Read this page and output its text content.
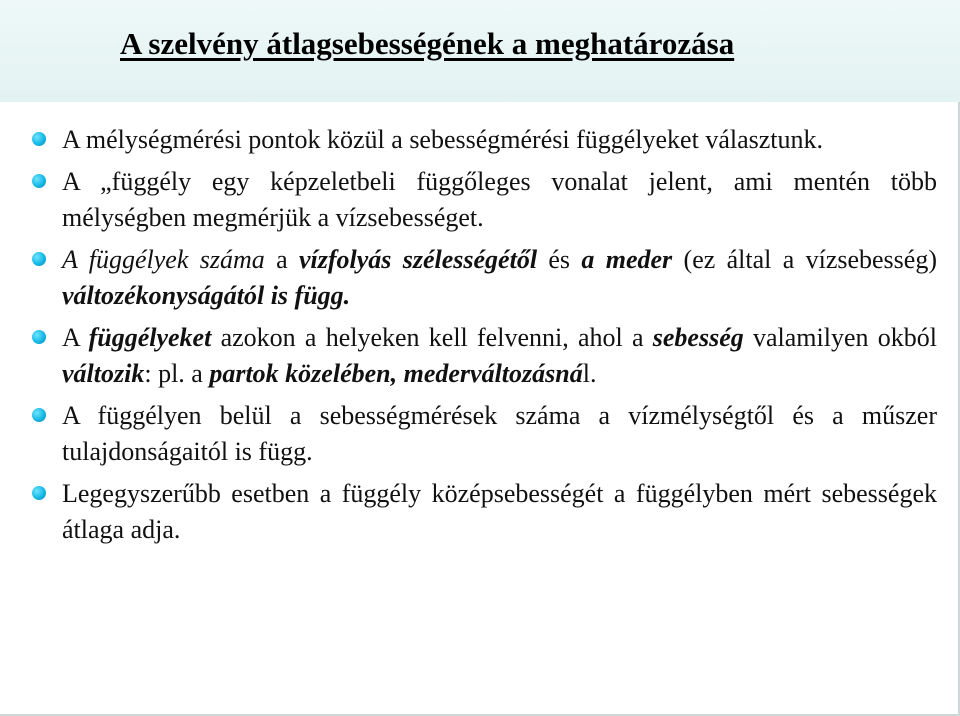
A szelvény átlagsebességének a meghatározása
A mélységmérési pontok közül a sebességmérési függélyeket választunk.
A „függély egy képzeletbeli függőleges vonalat jelent, ami mentén több mélységben megmérjük a vízsebességet.
A függélyek száma a vízfolyás szélességétől és a meder (ez által a vízsebesség) változékonyságától is függ.
A függélyeket azokon a helyeken kell felvenni, ahol a sebesség valamilyen okból változik: pl. a partok közelében, mederváltozásnál.
A függélyen belül a sebességmérések száma a vízmélységtől és a műszer tulajdonságaitól is függ.
Legegyszerűbb esetben a függély középsebességét a függélyben mért sebességek átlaga adja.
